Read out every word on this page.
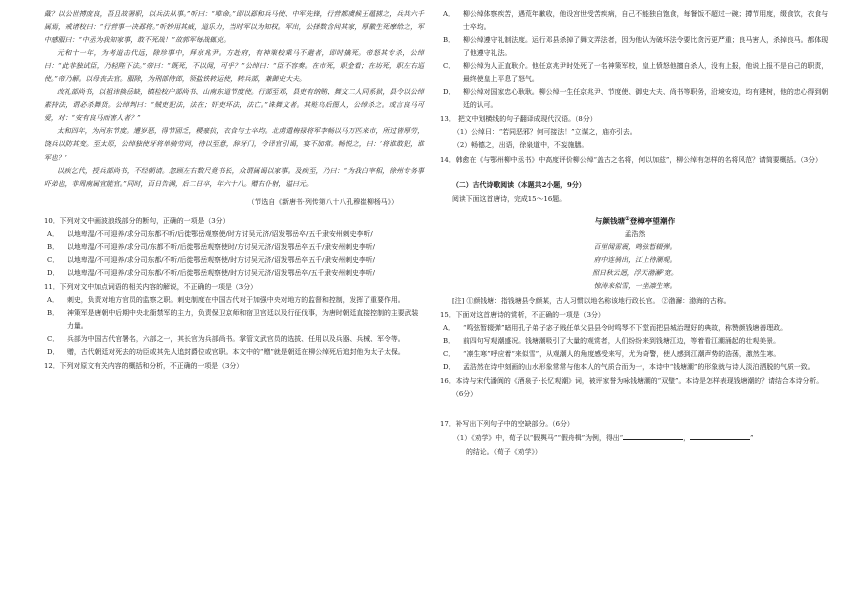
戴？以公世搏庞良，吾且故署职，以兵法从事。”听曰：“唯命。”即以郄和兵马使、中军先锋，行营都虞候王蕴掳之，兵共六千属焉，戒诸校曰：“行营事一决郄将。”听妙用其威，道乐力，当时军以为知权。军出，公择数含问其家，厚徽生死摩给之，军中感服曰：“中丞为我知家事，敢不死战！”故郭军每战辄克。

元和十一年，为考道击代远，除珍事中，拜京兆尹。方赴府，有神策校乘马不避者，即时擒死。帝怒其专杀，公绰曰：“此非独试臣，乃轻陛下法。”帝曰：“既死，不以闻，可乎？”公绰曰：“臣不容奏。在市死，职金看；在坊死，职左右巡使。”帝乃解。以母丧去官。服除，为刑部侍郎，领盐铁转运使，转兵部，兼御史大夫。

改礼部尚书，以祖讳换岳缺，镇检校户部尚书、山南东道节度使。行部至邓，县吏有纳贿、舞文二人同系狱，县令以公绰素持法，谓必杀舞货。公绰判曰：“贼吏犯法，法在；奸吏坏法，法亡。”诛舞文者。其赃乌后图人，公绰杀之。或言良马可爱，对：“安有良马而害人者？”

太和四年，为河东节度。遭岁恶，得节固乏，稷豪抗，衣食与士卒均。北虏遣梅禄将军李畅以马万匹来市，所过皆厚劳，饶兵以防其变。至太原，公绰独使牙将单骑劳问，待以至意，辞牙门，令译官引谒，宴不加常。畅悦之，曰：‘将谁敢犯，谁军也？’

以疾乞代，授兵部尚书，不经朝请。忽顾左右数尺竟书长，众谓属谒以家事。及疾至，乃曰：“为我白宰相，徐州专务事吓弟也，非周南属宜能官。”同时，百日告满，后二日卒，年六十八。赠右仆射，谥曰元。

（节选自《新唐书·列传第八十八孔穆崔柳杨马》）

10．下列对文中画波浪线部分的断句，正确的一项是（3分）

A． 以地卑湿/不可迎养/求分司东都不听/后徙鄂岳观察使/时方讨吴元济/诏发鄂岳卒/五千隶安州刺史李听/

B． 以地卑湿/不可迎养/求分司/东都不听/后徙鄂岳观察使时/方讨吴元济/诏发鄂岳卒五千/隶安州刺史李听/

C． 以地卑湿/不可迎养/求分司东都/不听/后徙鄂岳观察使/时方讨吴元济/诏发鄂岳卒五千/隶安州刺史李听/

D． 以地卑湿/不可迎养/求分司东都/不听/后徙鄂岳观察使/时方讨吴元济/诏发鄂岳卒/五千隶安州刺史李听/

11．下列对文中加点词语的相关内容的解说，不正确的一项是（3分）

A． 刺史，负责对地方官员的监察之职。刺史制度在中国古代对于加强中央对地方的监督和控制，发挥了重要作用。

B． 神策军是唐朝中后期中央北衙禁军的主力，负责保卫京师和宿卫宫廷以及行征伐事，为唐时朝廷直接控制的主要武装力量。

C． 兵部为中国古代官署名，六部之一，其长官为兵部尚书。掌管文武官员的选拔、任用以及兵器、兵械、军令等。

D． 赠，古代朝廷对死去的功臣或其先人追封爵位或官职。本文中的“赠”就是朝廷在柳公绰死后追封他为太子太保。

12．下列对原文有关内容的概括和分析，不正确的一项是（3分）

A． 柳公绰体察疾苦，遇荒年歉收，他设宫世受苦疾病，自己不能独自饱食，每餐饭不超过一碗；撙节用度，缀食饮，衣食与士卒均。

B． 柳公绰遵守礼制法度。运行邓县杀掉了舞文弄法者，因为他认为破坏法令要比贪污更严重；良马害人，杀掉良马。都体现了他遵守礼法。

C． 柳公绰为人正直耿介。他任京兆尹时处死了一名神策军校，皇上愤怒他擅自杀人，没有上报，他说上报不是自己的职责，最终使皇上平息了怒气。

D． 柳公绰对国家忠心耿耿。柳公绰一生任京兆尹、节度使、御史大夫、尚书等职务，沿境安边，均有建树，他的忠心得到朝廷的认可。

13． 把文中划横线的句子翻译成现代汉语。（8分）

（1）公绰曰：“若同恶邪？何可接法！”立谋之，庙亦引去。

（2）畅德之，出语，徐泉道中，不妄施膳。

14．韩愈在《与鄂州柳中丞书》中高度评价柳公绰“盖古之名将，何以加兹”，柳公绰有怎样的名将风范？请简要概括。（3分）

（二）古代诗歌阅读（本题共2小题，9分）

阅读下面这首唐诗，完成15～16题。

与颜钱塘①登樟亭望潮作

孟浩然

百里闻雷震，鸣弦暂辍弹。

府中连骑出，江上待潮观。

照日秋云迥，浮天渤澥²宽。

惊涛来似雪，一坐凛生寒。

[注] ①颜钱塘：指钱塘县令颜某，古人习惯以地名称该地行政长官。 ②渤澥：渤海的古称。

15．下面对这首唐诗的赏析，不正确的一项是（3分）

A． “鸣弦暂辍弹”暗用孔子弟子宓子贱任单父县县令时鸣琴不下堂而把县城治理好的典故，称赞颜钱塘善理政。

B． 前四句写观潮盛况。钱塘潮吸引了大量的观赏者，人们纷纷来到钱塘江边，等着看江潮涌起的壮观美景。

C． “凛生寒”呼应着“来似雪”，从观潮人的角度感受来写，尤为奇警，使人感到江潮声势的浩荡，激然生寒。

D． 孟浩然在诗中刻画的山水形象常常与他本人的气质合而为一，本诗中“钱塘潮”的形象就与诗人淡泊洒脱的气质一致。

16．本诗与宋代潘阆的《酒泉子·长忆观潮》词，被评家誉为咏钱塘潮的“双璧”。本诗是怎样表现钱塘潮的？请结合本诗分析。（6分）

17．补写出下列句子中的空缺部分。（6分）

（1）《劝学》中，荀子以“假舆马”“假舟楫”为例，得出“	，	”

的结论。（荀子《劝学》）
